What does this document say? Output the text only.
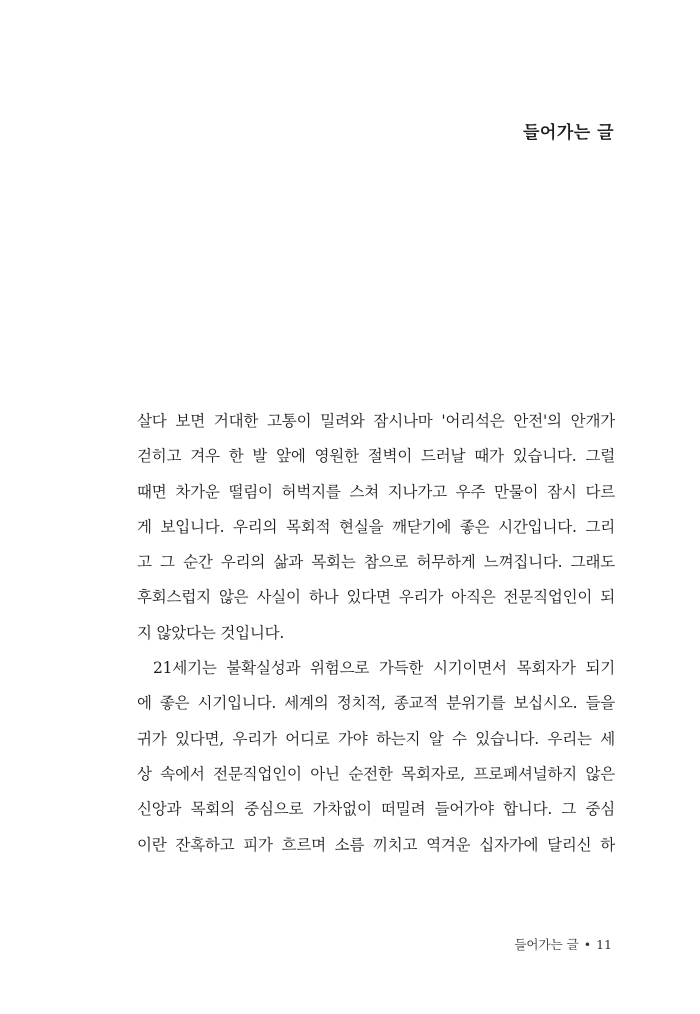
들어가는 글

살다 보면 거대한 고통이 밀려와 잠시나마 '어리석은 안전'의 안개가
걷히고 겨우 한 발 앞에 영원한 절벽이 드러날 때가 있습니다. 그럴
때면 차가운 떨림이 허벅지를 스쳐 지나가고 우주 만물이 잠시 다르
게 보입니다. 우리의 목회적 현실을 깨닫기에 좋은 시간입니다. 그리
고 그 순간 우리의 삶과 목회는 참으로 허무하게 느껴집니다. 그래도
후회스럽지 않은 사실이 하나 있다면 우리가 아직은 전문직업인이 되
지 않았다는 것입니다.

21세기는 불확실성과 위험으로 가득한 시기이면서 목회자가 되기
에 좋은 시기입니다. 세계의 정치적, 종교적 분위기를 보십시오. 들을
귀가 있다면, 우리가 어디로 가야 하는지 알 수 있습니다. 우리는 세
상 속에서 전문직업인이 아닌 순전한 목회자로, 프로페셔널하지 않은
신앙과 목회의 중심으로 가차없이 떠밀려 들어가야 합니다. 그 중심
이란 잔혹하고 피가 흐르며 소름 끼치고 역겨운 십자가에 달리신 하

들어가는 글 • 11
